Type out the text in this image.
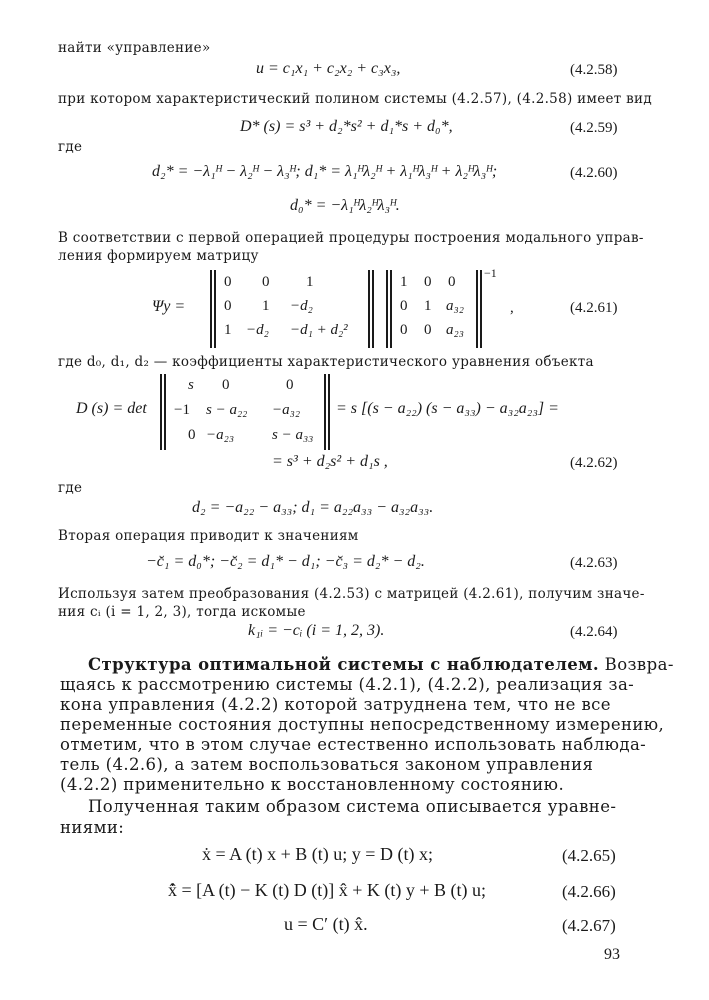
найти «управление»
u = c₁x₁ + c₂x₂ + c₃x₃,	(4.2.58)
при котором характеристический полином системы (4.2.57), (4.2.58) имеет вид
D* (s) = s³ + d₂*s² + d₁*s + d₀*,	(4.2.59)
где
d₂* = −λ₁ᴴ − λ₂ᴴ − λ₃ᴴ; d₁* = λ₁ᴴλ₂ᴴ + λ₁ᴴλ₃ᴴ + λ₂ᴴλ₃ᴴ;	(4.2.60)
d₀* = −λ₁ᴴλ₂ᴴλ₃ᴴ.
В соответствии с первой операцией процедуры построения модального управ-
ления формируем матрицу
Ψy =
0 0 1
0 1 −d₂
1 −d₂ −d₁ + d₂²
1 0 0
0 1 a₃₂
0 0 a₂₃
−1
,	(4.2.61)
где d₀, d₁, d₂ — коэффициенты характеристического уравнения объекта
D (s) = det
s 0	0
−1 s − a₂₂ −a₃₂
0 −a₂₃	s − a₃₃
= s [(s − a₂₂) (s − a₃₃) − a₃₂a₂₃] =
= s³ + d₂s² + d₁s ,	(4.2.62)
где
d₂ = −a₂₂ − a₃₃; d₁ = a₂₂a₃₃ − a₃₂a₃₃.
Вторая операция приводит к значениям
−c̆₁ = d₀*; −c̆₂ = d₁* − d₁; −c̆₃ = d₂* − d₂.	(4.2.63)
Используя затем преобразования (4.2.53) с матрицей (4.2.61), получим значе-
ния cᵢ (i = 1, 2, 3), тогда искомые
k₁ᵢ = −cᵢ (i = 1, 2, 3).	(4.2.64)
Структура оптимальной системы с наблюдателем. Возвра-
щаясь к рассмотрению системы (4.2.1), (4.2.2), реализация за-
кона управления (4.2.2) которой затруднена тем, что не все
переменные состояния доступны непосредственному измерению,
отметим, что в этом случае естественно использовать наблюда-
тель (4.2.6), а затем воспользоваться законом управления
(4.2.2) применительно к восстановленному состоянию.
Полученная таким образом система описывается уравне-
ниями:
ẋ = A (t) x + B (t) u; y = D (t) x;	(4.2.65)
x̂̇ = [A (t) − K (t) D (t)] x̂ + K (t) y + B (t) u;	(4.2.66)
u = C′ (t) x̂.	(4.2.67)
93
